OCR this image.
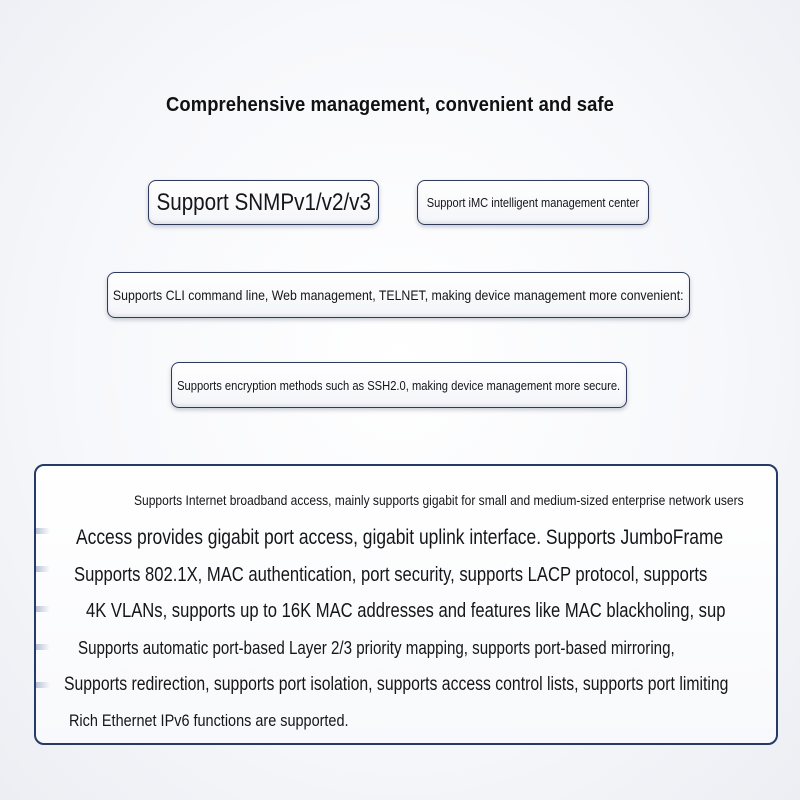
Comprehensive management, convenient and safe
Support SNMPv1/v2/v3	Support iMC intelligent management center
Supports CLI command line, Web management, TELNET, making device management more convenient:
Supports encryption methods such as SSH2.0, making device management more secure.
Supports Internet broadband access, mainly supports gigabit for small and medium-sized enterprise network users
Access provides gigabit port access, gigabit uplink interface. Supports JumboFrame
Supports 802.1X, MAC authentication, port security, supports LACP protocol, supports
4K VLANs, supports up to 16K MAC addresses and features like MAC blackholing, sup
Supports automatic port-based Layer 2/3 priority mapping, supports port-based mirroring,
Supports redirection, supports port isolation, supports access control lists, supports port limiting
Rich Ethernet IPv6 functions are supported.
